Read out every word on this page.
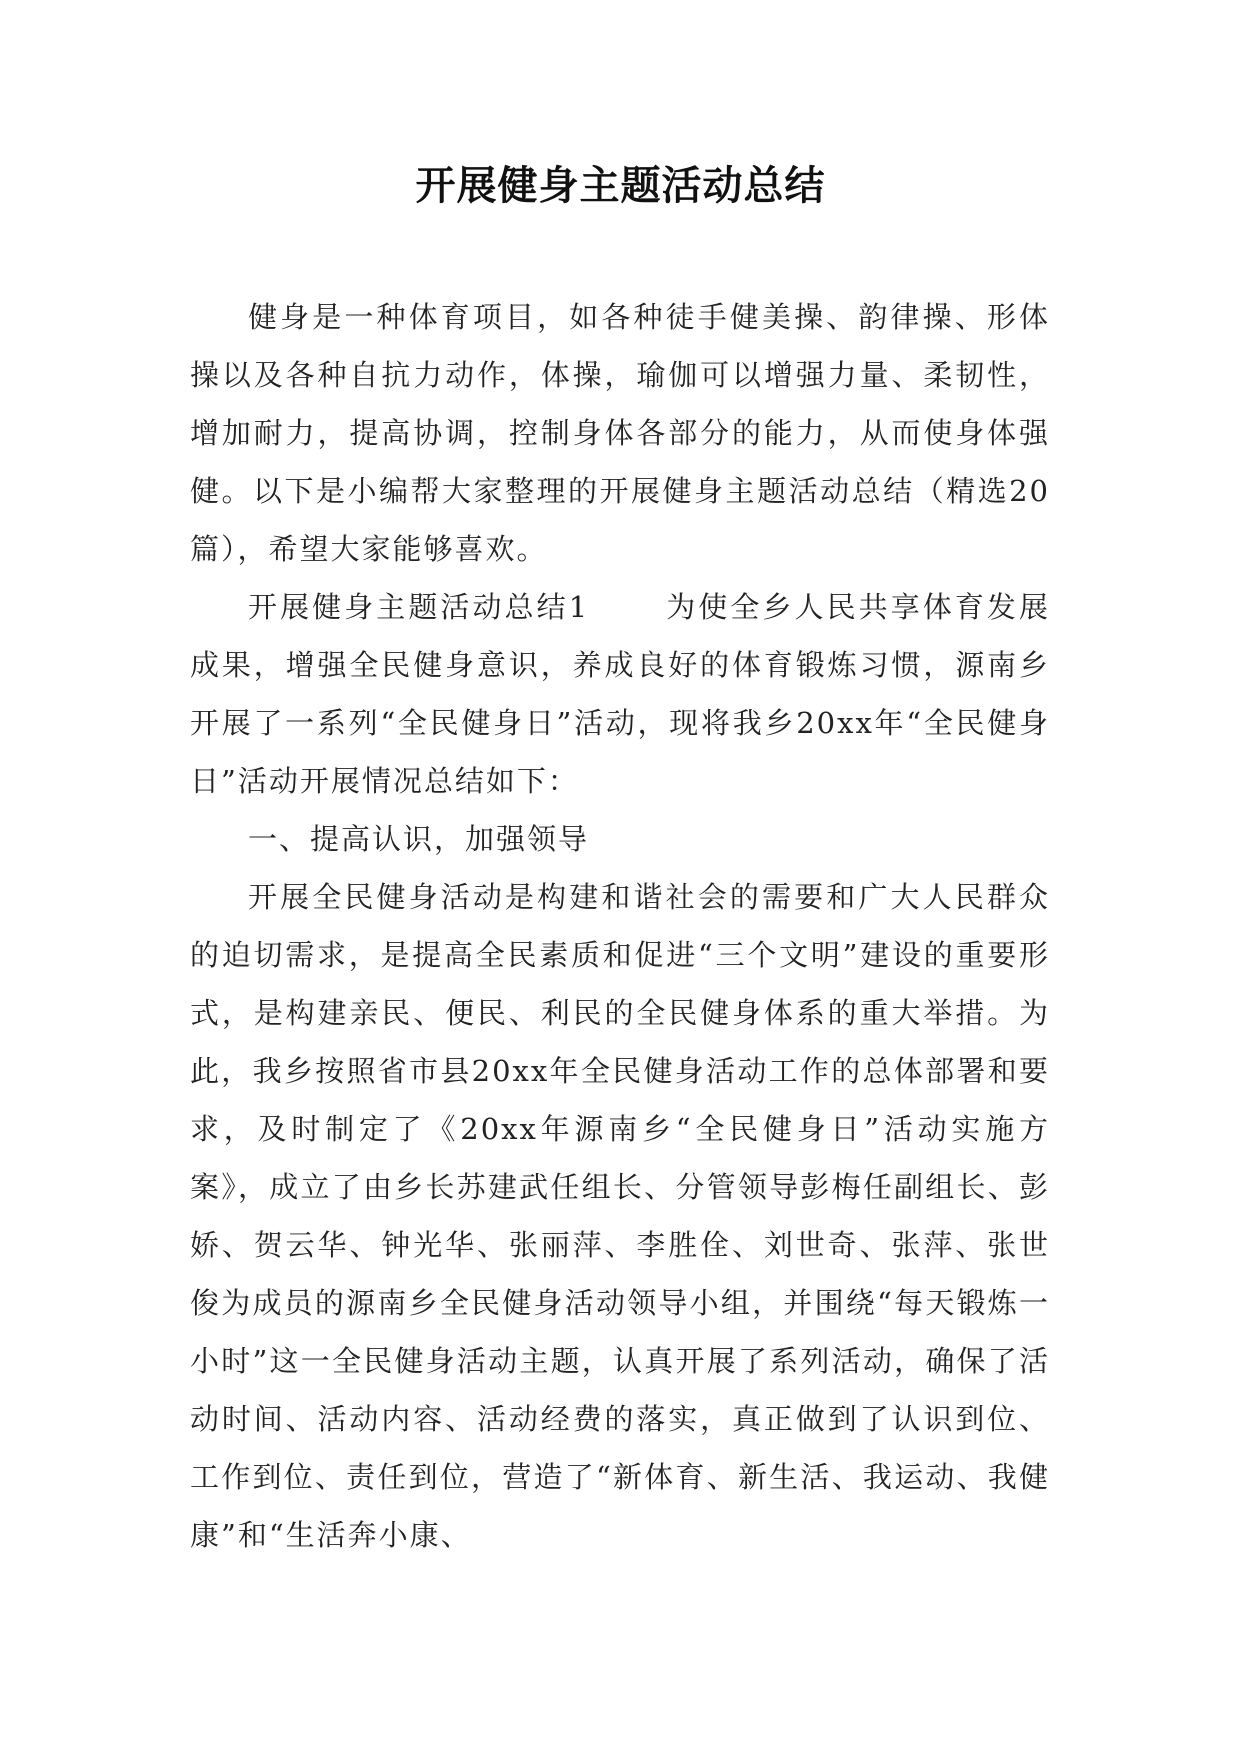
开展健身主题活动总结

健身是一种体育项目，如各种徒手健美操、韵律操、形体操以及各种自抗力动作，体操，瑜伽可以增强力量、柔韧性，增加耐力，提高协调，控制身体各部分的能力，从而使身体强健。以下是小编帮大家整理的开展健身主题活动总结（精选20篇），希望大家能够喜欢。

开展健身主题活动总结1	为使全乡人民共享体育发展成果，增强全民健身意识，养成良好的体育锻炼习惯，源南乡开展了一系列“全民健身日”活动，现将我乡20xx年“全民健身日”活动开展情况总结如下：

一、提高认识，加强领导

开展全民健身活动是构建和谐社会的需要和广大人民群众的迫切需求，是提高全民素质和促进“三个文明”建设的重要形式，是构建亲民、便民、利民的全民健身体系的重大举措。为此，我乡按照省市县20xx年全民健身活动工作的总体部署和要求，及时制定了《20xx年源南乡“全民健身日”活动实施方案》，成立了由乡长苏建武任组长、分管领导彭梅任副组长、彭娇、贺云华、钟光华、张丽萍、李胜佺、刘世奇、张萍、张世俊为成员的源南乡全民健身活动领导小组，并围绕“每天锻炼一小时”这一全民健身活动主题，认真开展了系列活动，确保了活动时间、活动内容、活动经费的落实，真正做到了认识到位、工作到位、责任到位，营造了“新体育、新生活、我运动、我健康”和“生活奔小康、
